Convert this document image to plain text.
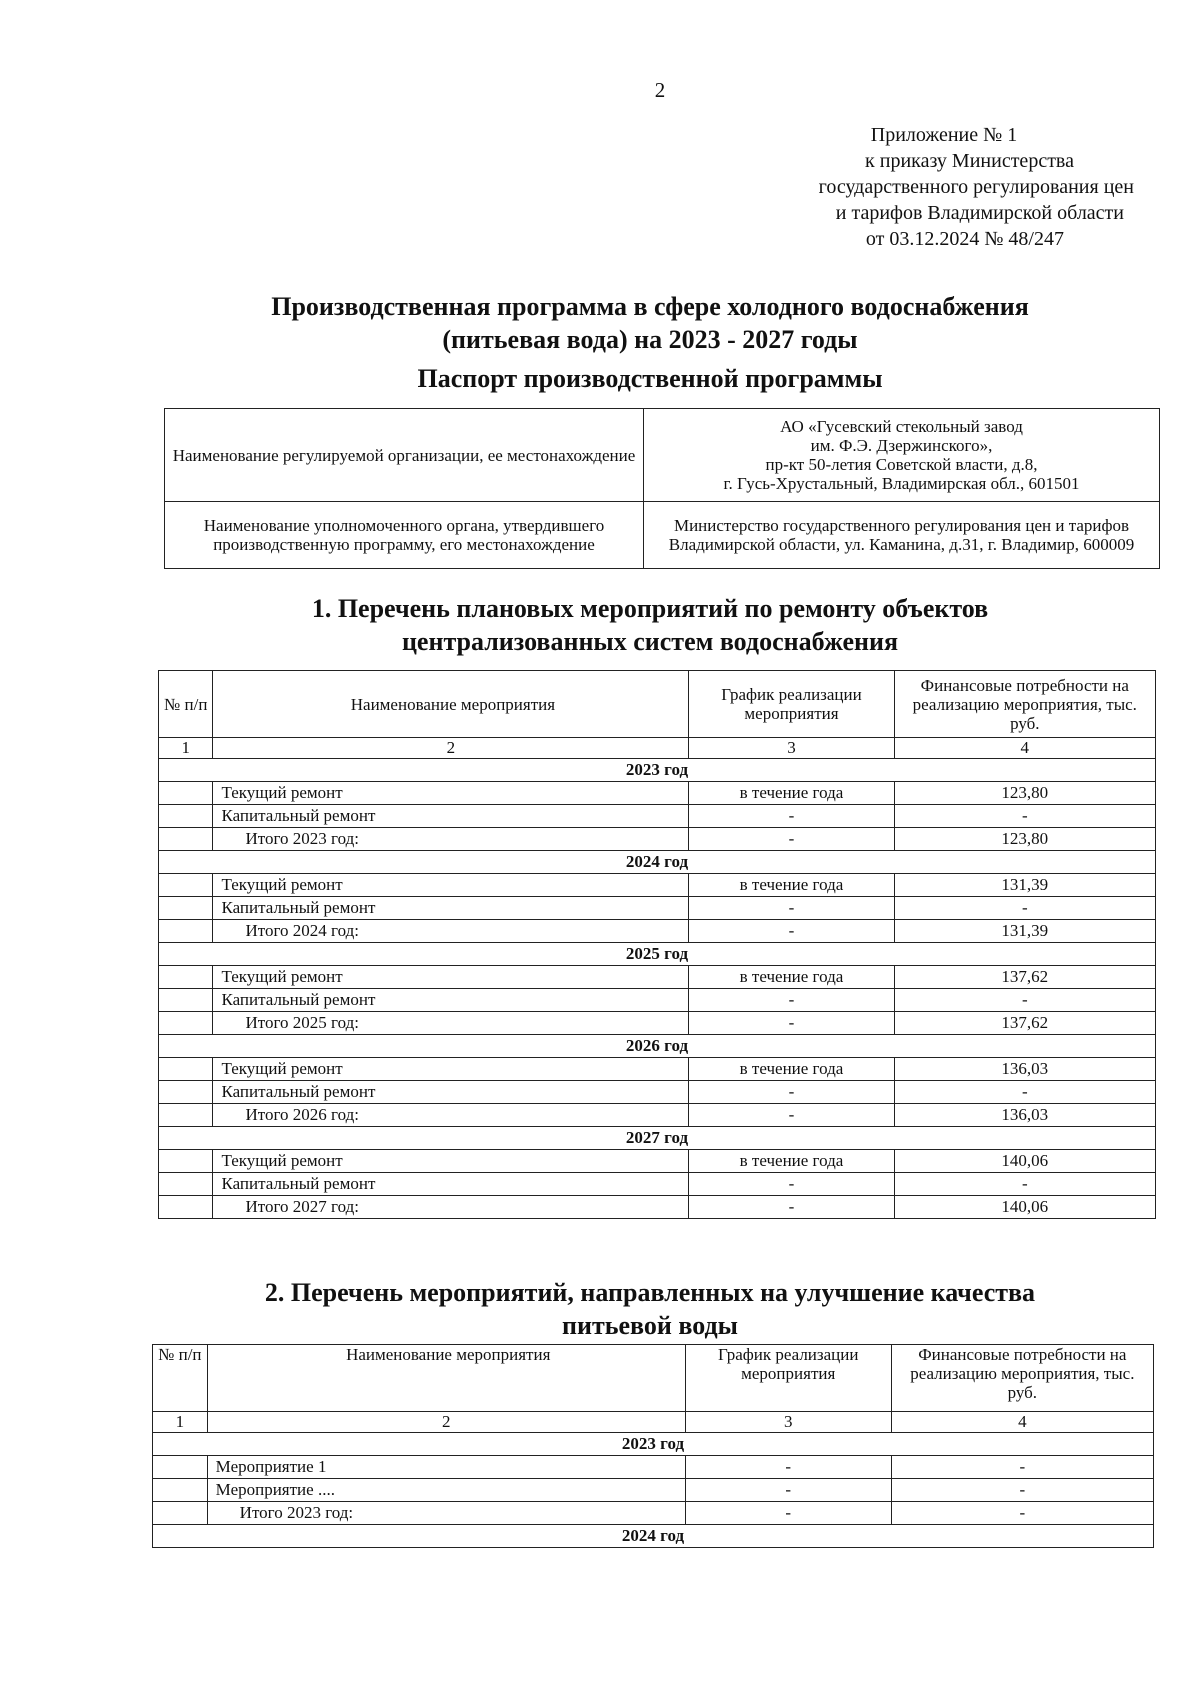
2
Приложение № 1
к приказу Министерства
государственного регулирования цен
и тарифов Владимирской области
от 03.12.2024 № 48/247
Производственная программа в сфере холодного водоснабжения
(питьевая вода) на 2023 - 2027 годы
Паспорт производственной программы
Наименование регулируемой организации, ее местонахождение	АО «Гусевский стекольный завод
им. Ф.Э. Дзержинского»,
пр-кт 50-летия Советской власти, д.8,
г. Гусь-Хрустальный, Владимирская обл., 601501

Наименование уполномоченного органа, утвердившего производственную программу, его местонахождение	Министерство государственного регулирования цен и тарифов Владимирской области, ул. Каманина, д.31, г. Владимир, 600009
1. Перечень плановых мероприятий по ремонту объектов
централизованных систем водоснабжения
№ п/п	Наименование мероприятия	График реализации мероприятия	Финансовые потребности на реализацию мероприятия, тыс. руб.
1	2	3	4
2023 год			
	Текущий ремонт	в течение года	123,80
	Капитальный ремонт	-	-
	Итого 2023 год:	-	123,80
2024 год			
	Текущий ремонт	в течение года	131,39
	Капитальный ремонт	-	-
	Итого 2024 год:	-	131,39
2025 год			
	Текущий ремонт	в течение года	137,62
	Капитальный ремонт	-	-
	Итого 2025 год:	-	137,62
2026 год			
	Текущий ремонт	в течение года	136,03
	Капитальный ремонт	-	-
	Итого 2026 год:	-	136,03
2027 год			
	Текущий ремонт	в течение года	140,06
	Капитальный ремонт	-	-
	Итого 2027 год:	-	140,06
2. Перечень мероприятий, направленных на улучшение качества
питьевой воды
№ п/п	Наименование мероприятия	График реализации мероприятия	Финансовые потребности на реализацию мероприятия, тыс. руб.
1	2	3	4
2023 год			
	Мероприятие 1	-	-
	Мероприятие ....	-	-
	Итого 2023 год:	-	-
2024 год			
